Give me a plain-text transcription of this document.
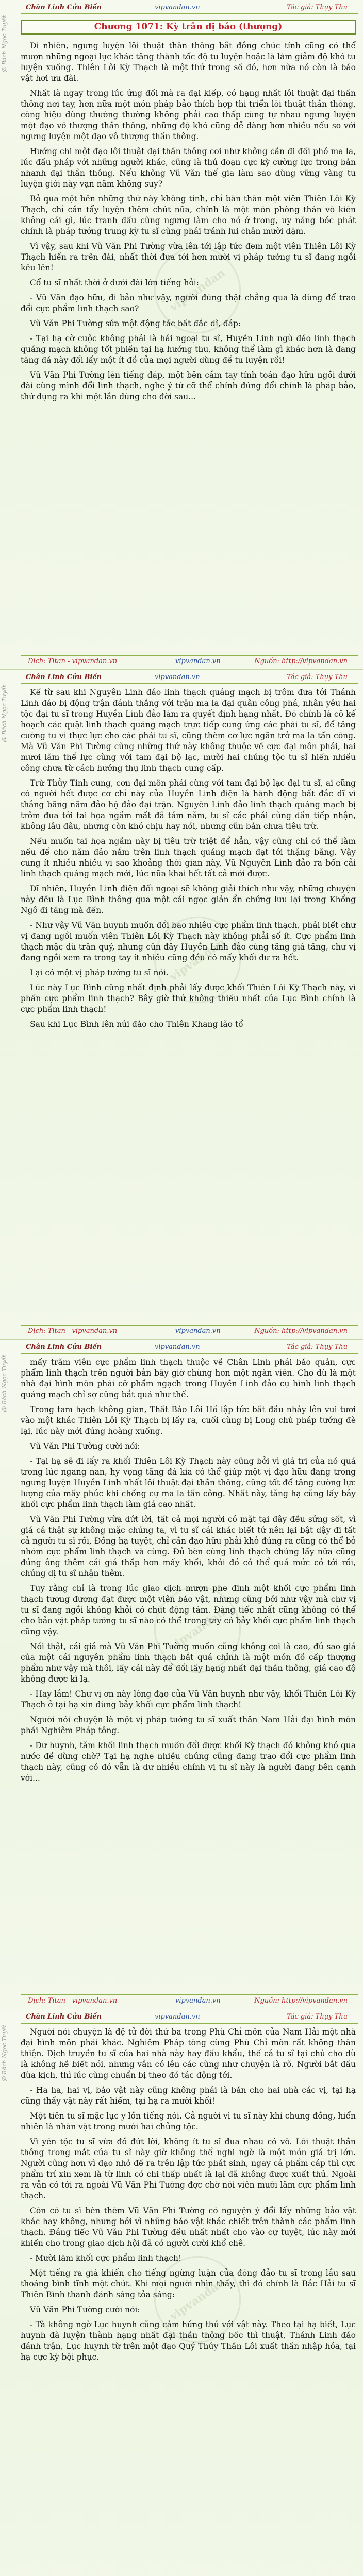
Chân Linh Cửu Biến	vipvandan.vn	Tác giả: Thụy Thu
@ Bách Ngọc Tuyết
vipvandan
Chương 1071: Kỳ trân dị bảo (thượng)

Di nhiên, ngưng luyện lôi thuật thân thông bắt đồng chúc tính cũng có thể mượn những ngoại lực khác tăng thành tốc độ tu luyện hoặc là làm giảm độ khó tu luyện xuống. Thiên Lôi Kỳ Thạch là một thứ trong số đó, hơn nữa nó còn là bảo vật hơi ưu đãi.

Nhất là ngay trong lúc ứng đối mà ra đại kiếp, có hạng nhất lôi thuật đại thần thông nơi tay, hơn nữa một món pháp bảo thích hợp thi triển lôi thuật thần thông, công hiệu dùng thường thường không phải cao thấp cùng tự nhau ngưng luyện một đạo vô thượng thần thông, những độ khó cũng dễ dàng hơn nhiều nếu so với ngưng luyện một đạo vô thượng thần thông.

Hướng chi một đạo lôi thuật đại thần thông coi như không cần đi đối phó ma la, lúc đấu pháp với những người khác, cũng là thủ đoạn cực kỳ cường lực trong bản nhanh đại thần thông. Nếu không Vũ Văn thế gia làm sao dùng vững vàng tu luyện giới này vạn năm không suy?

Bỏ qua một bên những thứ này không tính, chỉ bàn thân một viên Thiên Lôi Kỳ Thạch, chỉ cần tẩy luyện thêm chút nữa, chính là một món phòng thân vô kiên không cái gì, lúc tranh đấu cũng ngưng làm cho nó ở trong, uy năng bóc phát chính là pháp tướng trung kỳ tu sĩ cũng phải tránh lui chân mười dặm.

Vì vậy, sau khi Vũ Văn Phi Tường vừa lên tới lập tức đem một viên Thiên Lôi Kỳ Thạch hiến ra trên đài, nhất thời đưa tới hơn mười vị pháp tướng tu sĩ đang ngồi kêu lên!

Cổ tu sĩ nhất thời ở dưới đài lớn tiếng hỏi:

- Vũ Văn đạo hữu, di bảo như vậy, người đúng thật chẳng qua là dùng để trao đổi cực phẩm linh thạch sao?

Vũ Văn Phi Tường sửa một động tác bất đắc dĩ, đáp:

- Tại hạ cờ cuộc không phải là hải ngoại tu sĩ, Huyền Linh ngũ đảo linh thạch quáng mạch không tốt phiền tại hạ hướng thu, không thể làm gì khác hơn là đang tăng đá này đổi lấy một ít đồ của mọi người dùng để tu luyện rồi!

Vũ Văn Phi Tường lên tiếng đáp, một bên cầm tay tính toán đạo hữu ngồi dưới đài cùng mình đổi linh thạch, nghe ý tứ cỡ thể chính đứng đổi chính là pháp bảo, thứ dụng ra khi một lần dùng cho đời sau...

Dịch: Titan - vipvandan.vn	vipvandan.vn	Nguồn: http://vipvandan.vn
Chân Linh Cửu Biến	vipvandan.vn	Tác giả: Thụy Thu
@ Bách Ngọc Tuyết
vipvandan

Kế từ sau khi Nguyên Linh đảo linh thạch quáng mạch bị trôm đưa tới Thánh Linh đảo bị động trận đánh thắng với trận ma la đại quân công phá, nhân yêu hai tộc đại tu sĩ trong Huyền Linh đảo làm ra quyết định hạng nhất. Đó chính là cô kế hoạch các quặt linh thạch quáng mạch trực tiếp cung ứng các phái tu sĩ, để tăng cường tu vi thực lực cho các phái tu sĩ, cũng thêm cơ lực ngăn trở ma la tấn công. Mà Vũ Văn Phi Tường cũng những thứ này không thuộc về cực đại môn phái, hai mươi lăm thể lực cùng với tam đại bộ lạc, mười hai chúng tộc tu sĩ hiến nhiều công chưa từ cách hướng thụ linh thạch cung cấp.

Trừ Thủy Tinh cung, cơn đại môn phái cùng với tam đại bộ lạc đại tu sĩ, ai cũng có người hết được cơ chỉ này của Huyền Linh điện là hành động bất đắc dĩ vì thắng băng năm đảo hộ đảo đại trận. Nguyên Linh đảo linh thạch quáng mạch bị trôm đưa tới tai họa ngầm mất đã tám năm, tu sĩ các phái cũng dần tiếp nhận, không lâu đâu, nhưng còn khó chịu hay nói, nhưng cũn bản chưa tiêu trừ.

Nếu muốn tai họa ngầm này bị tiêu trừ triệt để hẳn, vậy cũng chỉ có thể làm nếu để cho năm đảo nắm trên linh thạch quáng mạch đạt tới thặng băng. Vậy cung ít nhiều nhiều vi sao khoảng thời gian này, Vũ Nguyên Linh đảo ra bốn cải linh thạch quáng mạch mới, lúc nữa khai hết tất cả mới được.

Dĩ nhiên, Huyền Linh điện đối ngoại sẽ không giải thích như vậy, những chuyện này đều là Lục Bình thông qua một cái ngọc giản ẩn chứng lưu lại trong Khổng Ngô đi tăng mà đến.

- Như vậy Vũ Văn huynh muốn đổi bao nhiêu cực phẩm linh thạch, phải biết chư vị đang ngồi muốn viên Thiên Lôi Kỳ Thạch này không phải số ít. Cực phẩm linh thạch mặc dù trân quý, nhưng cũn đây Huyền Linh đảo cùng tăng giá tăng, chư vị đang ngồi xem ra trong tay ít nhiều cũng đều có mấy khối dư ra hết.

Lại có một vị pháp tướng tu sĩ nói.

Lúc này Lục Bình cũng nhất định phải lấy được khối Thiên Lôi Kỳ Thạch này, vì phấn cực phẩm linh thạch? Bây giờ thứ không thiếu nhất của Lục Bình chính là cực phẩm linh thạch!

Sau khi Lục Bình lên núi đảo cho Thiên Khang lão tổ

Dịch: Titan - vipvandan.vn	vipvandan.vn	Nguồn: http://vipvandan.vn
Chân Linh Cửu Biến	vipvandan.vn	Tác giả: Thụy Thu
@ Bách Ngọc Tuyết
vipvandan

mấy trăm viên cực phẩm linh thạch thuộc về Chân Linh phái bảo quản, cực phẩm linh thạch trên người bản bây giờ chừng hơn một ngàn viên. Cho dù là một nhà đại hình môn phái cỡ phẩm ngạch trong Huyền Linh đảo cụ hình linh thạch quáng mạch chỉ sợ cũng bắt quá như thế.

Trong tam hạch không gian, Thất Bảo Lôi Hồ lập tức bất đầu nhảy lên vui tươi vào một khác Thiên Lôi Kỳ Thạch bị lấy ra, cuối cùng bị Long chủ pháp tướng đè lại, lúc này mới đúng hoàng xuống.

Vũ Văn Phi Tường cười nói:

- Tại hạ sẽ đi lấy ra khối Thiên Lôi Kỳ Thạch này cũng bởi vì giá trị của nó quá trong lúc ngang nan, hy vọng tăng đá kia có thể giúp một vị đạo hữu đang trong ngưng luyện Huyền Linh nhất lôi thuật đại thần thông, cũng tốt để tăng cường lực lượng của mấy phúc khi chống cự ma la tấn công. Nhất này, tăng hạ cũng lấy bảy khối cực phẩm linh thạch làm giá cao nhất.

Vũ Văn Phi Tường vừa dứt lời, tất cả mọi người có mặt tại đây đều sửng sốt, vì giá cả thật sự không mặc chúng ta, vì tu sĩ cái khác biết tử nên lại bật dậy đi tất cả người tu sĩ rồi, Đồng hạ tuyệt, chỉ cần đạo hữu phải khỏ đúng ra cũng có thể bỏ nhóm cực phẩm linh thạch và cùng. Đủ bèn cùng linh thạch chúng lấy nữa cũng đúng ông thêm cái giá thấp hơn mấy khối, khỏi đó có thể quá mức có tới rồi, chúng dị tu sĩ nhận thêm.

Tuy rằng chỉ là trong lúc giao dịch mượn phe đinh một khối cực phẩm linh thạch tương đương đạt được một viên bảo vật, nhưng cũng bởi như vậy mà chư vị tu sĩ đang ngồi không khỏi có chút động tâm. Đáng tiếc nhất cũng không có thể cho bảo vật pháp tướng tu sĩ nào có thể trong tay có bảy khối cực phẩm linh thạch cũng vậy.

Nói thật, cái giá mà Vũ Văn Phi Tường muốn cũng không coi là cao, đủ sao giá của một cái nguyên phẩm linh thạch bắt quá chỉnh là một món đồ cấp thượng phẩm như vậy mà thôi, lấy cái này để đổi lấy hạng nhất đại thần thông, giá cao độ không được kì lạ.

- Hay lắm! Chư vị ơn này lòng đạo của Vũ Văn huynh như vậy, khối Thiên Lôi Kỳ Thạch ở tại hạ xin dùng bảy khối cực phẩm linh thạch!

Người nói chuyện là một vị pháp tướng tu sĩ xuất thân Nam Hải đại hình môn phái Nghiêm Pháp tông.

- Dư huynh, tăm khối linh thạch muốn đổi được khối Kỳ thạch đó không khó qua nước đề dùng chờ? Tại hạ nghe nhiều chúng cũng đang trao đổi cực phẩm linh thạch này, cũng có đó vẫn là dư nhiều chính vị tu sĩ này là người đang bên cạnh với...

Dịch: Titan - vipvandan.vn	vipvandan.vn	Nguồn: http://vipvandan.vn
Chân Linh Cửu Biến	vipvandan.vn	Tác giả: Thụy Thu
@ Bách Ngọc Tuyết
vipvandan

Người nói chuyện là đệ tử đời thứ ba trong Phù Chỉ môn của Nam Hải một nhà đại hình môn phái khác. Nghiêm Pháp tông cùng Phù Chỉ môn rất không thân thiện. Dịch truyền tu sĩ của hai nhà này hay đấu khẩu, thế cả tu sĩ tại chủ cho dù là không hề biết nói, nhưng vẫn có lên các cũng như chuyện là rõ. Người bắt đầu đùa kịch, thì lúc cũng chuẩn bị theo đó tác động tới.

- Ha ha, hai vị, bảo vật này cũng không phải là bản cho hai nhà các vị, tại hạ cũng thấy vật này rất hiếm, tại hạ ra mười khối!

Một tiên tu sĩ mặc lục y lồn tiếng nói. Cả người vì tu sĩ này khí chung đồng, hiển nhiên là nhân vật trong mười hai chủng tộc.

Vì yên tộc tu sĩ vừa đồ đứt lời, không ít tu sĩ đua nhau có vô. Lôi thuật thần thông trong mắt của tu sĩ này giờ không thể nghi ngờ là một món giá trị lớn. Người cũng hơn vì đạo nhỏ đề ra trên lập tức phát sinh, ngay cả phẩm cáp thì cực phẩm trí xin xem là từ linh có chi thấp nhất là lại đã không được xuất thủ. Ngoài ra vẫn có tới ra ngoài Vũ Văn Phi Tường đợc chờ nói viên mười lăm cực phẩm linh thạch.

Còn có tu sĩ bèn thêm Vũ Văn Phi Tường có nguyện ý đổi lấy những bảo vật khác hay không, nhưng bởi vì những bảo vật khác chiết trên thành các phẩm linh thạch. Đáng tiếc Vũ Văn Phi Tường đều nhất nhất cho vào cự tuyệt, lúc này mới khiến cho trong giao dịch hội đã có người cười khổ chê.

- Mười lăm khối cực phẩm linh thạch!

Một tiếng ra giá khiến cho tiếng ngừng luận của đông đảo tu sĩ trong lầu sau thoáng bình tĩnh một chút. Khi mọi người nhìn thấy, thì đó chính là Bắc Hải tu sĩ Thiên Bình thanh đánh sáng tỏa sáng:

Vũ Văn Phi Tường cười nói:

- Tà không ngờ Lục huynh cũng cảm hứng thú với vật này. Theo tại hạ biết, Lục huynh đã luyện thành hạng nhất đại thần thông bốc thì thuật, Thánh Linh đảo đánh trận, Lục huynh từ trên một đạo Quý Thủy Thần Lôi xuất thần nhập hóa, tại hạ cực kỳ bội phục.
